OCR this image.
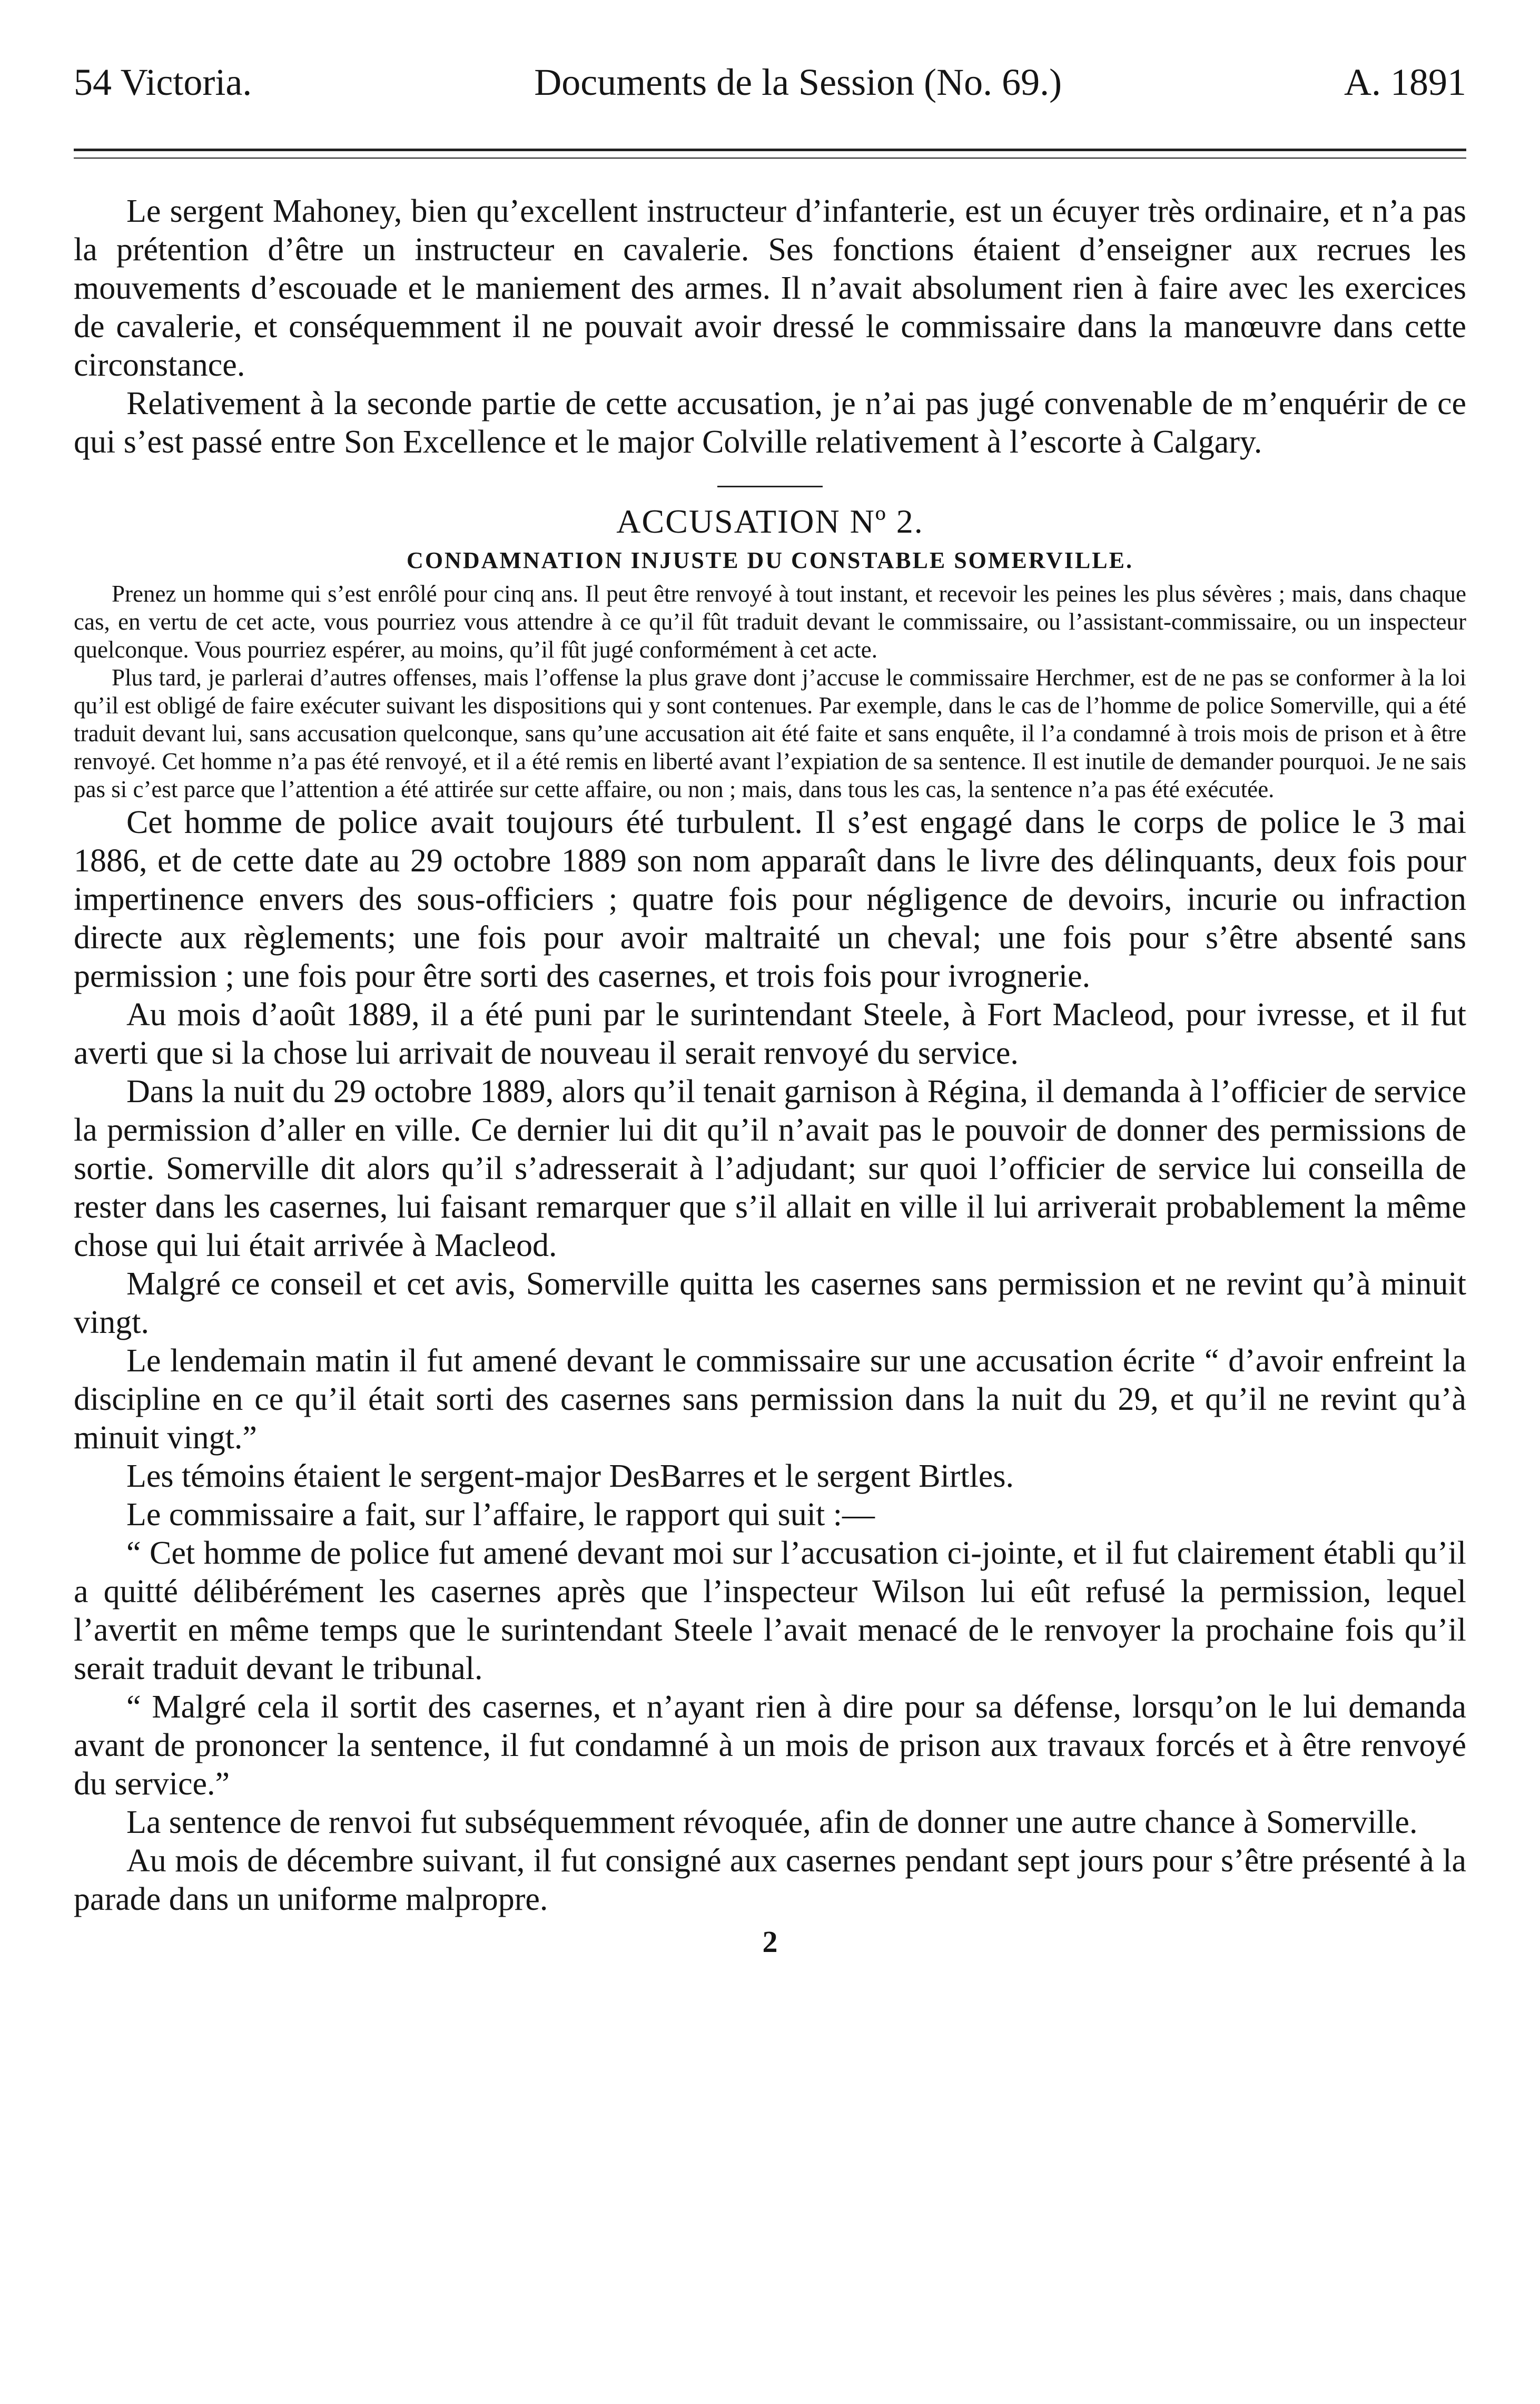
54 Victoria.	Documents de la Session (No. 69.)	A. 1891

Le sergent Mahoney, bien qu’excellent instructeur d’infanterie, est un écuyer très ordinaire, et n’a pas la prétention d’être un instructeur en cavalerie. Ses fonctions étaient d’enseigner aux recrues les mouvements d’escouade et le maniement des armes. Il n’avait absolument rien à faire avec les exercices de cavalerie, et conséquemment il ne pouvait avoir dressé le commissaire dans la manœuvre dans cette circonstance.

Relativement à la seconde partie de cette accusation, je n’ai pas jugé convenable de m’enquérir de ce qui s’est passé entre Son Excellence et le major Colville relativement à l’escorte à Calgary.

ACCUSATION Nº 2.
CONDAMNATION INJUSTE DU CONSTABLE SOMERVILLE.

Prenez un homme qui s’est enrôlé pour cinq ans. Il peut être renvoyé à tout instant, et recevoir les peines les plus sévères ; mais, dans chaque cas, en vertu de cet acte, vous pourriez vous attendre à ce qu’il fût traduit devant le commissaire, ou l’assistant-commissaire, ou un inspecteur quelconque. Vous pourriez espérer, au moins, qu’il fût jugé conformément à cet acte.

Plus tard, je parlerai d’autres offenses, mais l’offense la plus grave dont j’accuse le commissaire Herchmer, est de ne pas se conformer à la loi qu’il est obligé de faire exécuter suivant les dispositions qui y sont contenues. Par exemple, dans le cas de l’homme de police Somerville, qui a été traduit devant lui, sans accusation quelconque, sans qu’une accusation ait été faite et sans enquête, il l’a condamné à trois mois de prison et à être renvoyé. Cet homme n’a pas été renvoyé, et il a été remis en liberté avant l’expiation de sa sentence. Il est inutile de demander pourquoi. Je ne sais pas si c’est parce que l’attention a été attirée sur cette affaire, ou non ; mais, dans tous les cas, la sentence n’a pas été exécutée.

Cet homme de police avait toujours été turbulent. Il s’est engagé dans le corps de police le 3 mai 1886, et de cette date au 29 octobre 1889 son nom apparaît dans le livre des délinquants, deux fois pour impertinence envers des sous-officiers ; quatre fois pour négligence de devoirs, incurie ou infraction directe aux règlements; une fois pour avoir maltraité un cheval; une fois pour s’être absenté sans permission ; une fois pour être sorti des casernes, et trois fois pour ivrognerie.

Au mois d’août 1889, il a été puni par le surintendant Steele, à Fort Macleod, pour ivresse, et il fut averti que si la chose lui arrivait de nouveau il serait renvoyé du service.

Dans la nuit du 29 octobre 1889, alors qu’il tenait garnison à Régina, il demanda à l’officier de service la permission d’aller en ville. Ce dernier lui dit qu’il n’avait pas le pouvoir de donner des permissions de sortie. Somerville dit alors qu’il s’adresserait à l’adjudant; sur quoi l’officier de service lui conseilla de rester dans les casernes, lui faisant remarquer que s’il allait en ville il lui arriverait probablement la même chose qui lui était arrivée à Macleod.

Malgré ce conseil et cet avis, Somerville quitta les casernes sans permission et ne revint qu’à minuit vingt.

Le lendemain matin il fut amené devant le commissaire sur une accusation écrite “ d’avoir enfreint la discipline en ce qu’il était sorti des casernes sans permission dans la nuit du 29, et qu’il ne revint qu’à minuit vingt.”

Les témoins étaient le sergent-major DesBarres et le sergent Birtles.

Le commissaire a fait, sur l’affaire, le rapport qui suit :—

“ Cet homme de police fut amené devant moi sur l’accusation ci-jointe, et il fut clairement établi qu’il a quitté délibérément les casernes après que l’inspecteur Wilson lui eût refusé la permission, lequel l’avertit en même temps que le surintendant Steele l’avait menacé de le renvoyer la prochaine fois qu’il serait traduit devant le tribunal.

“ Malgré cela il sortit des casernes, et n’ayant rien à dire pour sa défense, lorsqu’on le lui demanda avant de prononcer la sentence, il fut condamné à un mois de prison aux travaux forcés et à être renvoyé du service.”

La sentence de renvoi fut subséquemment révoquée, afin de donner une autre chance à Somerville.

Au mois de décembre suivant, il fut consigné aux casernes pendant sept jours pour s’être présenté à la parade dans un uniforme malpropre.

2
